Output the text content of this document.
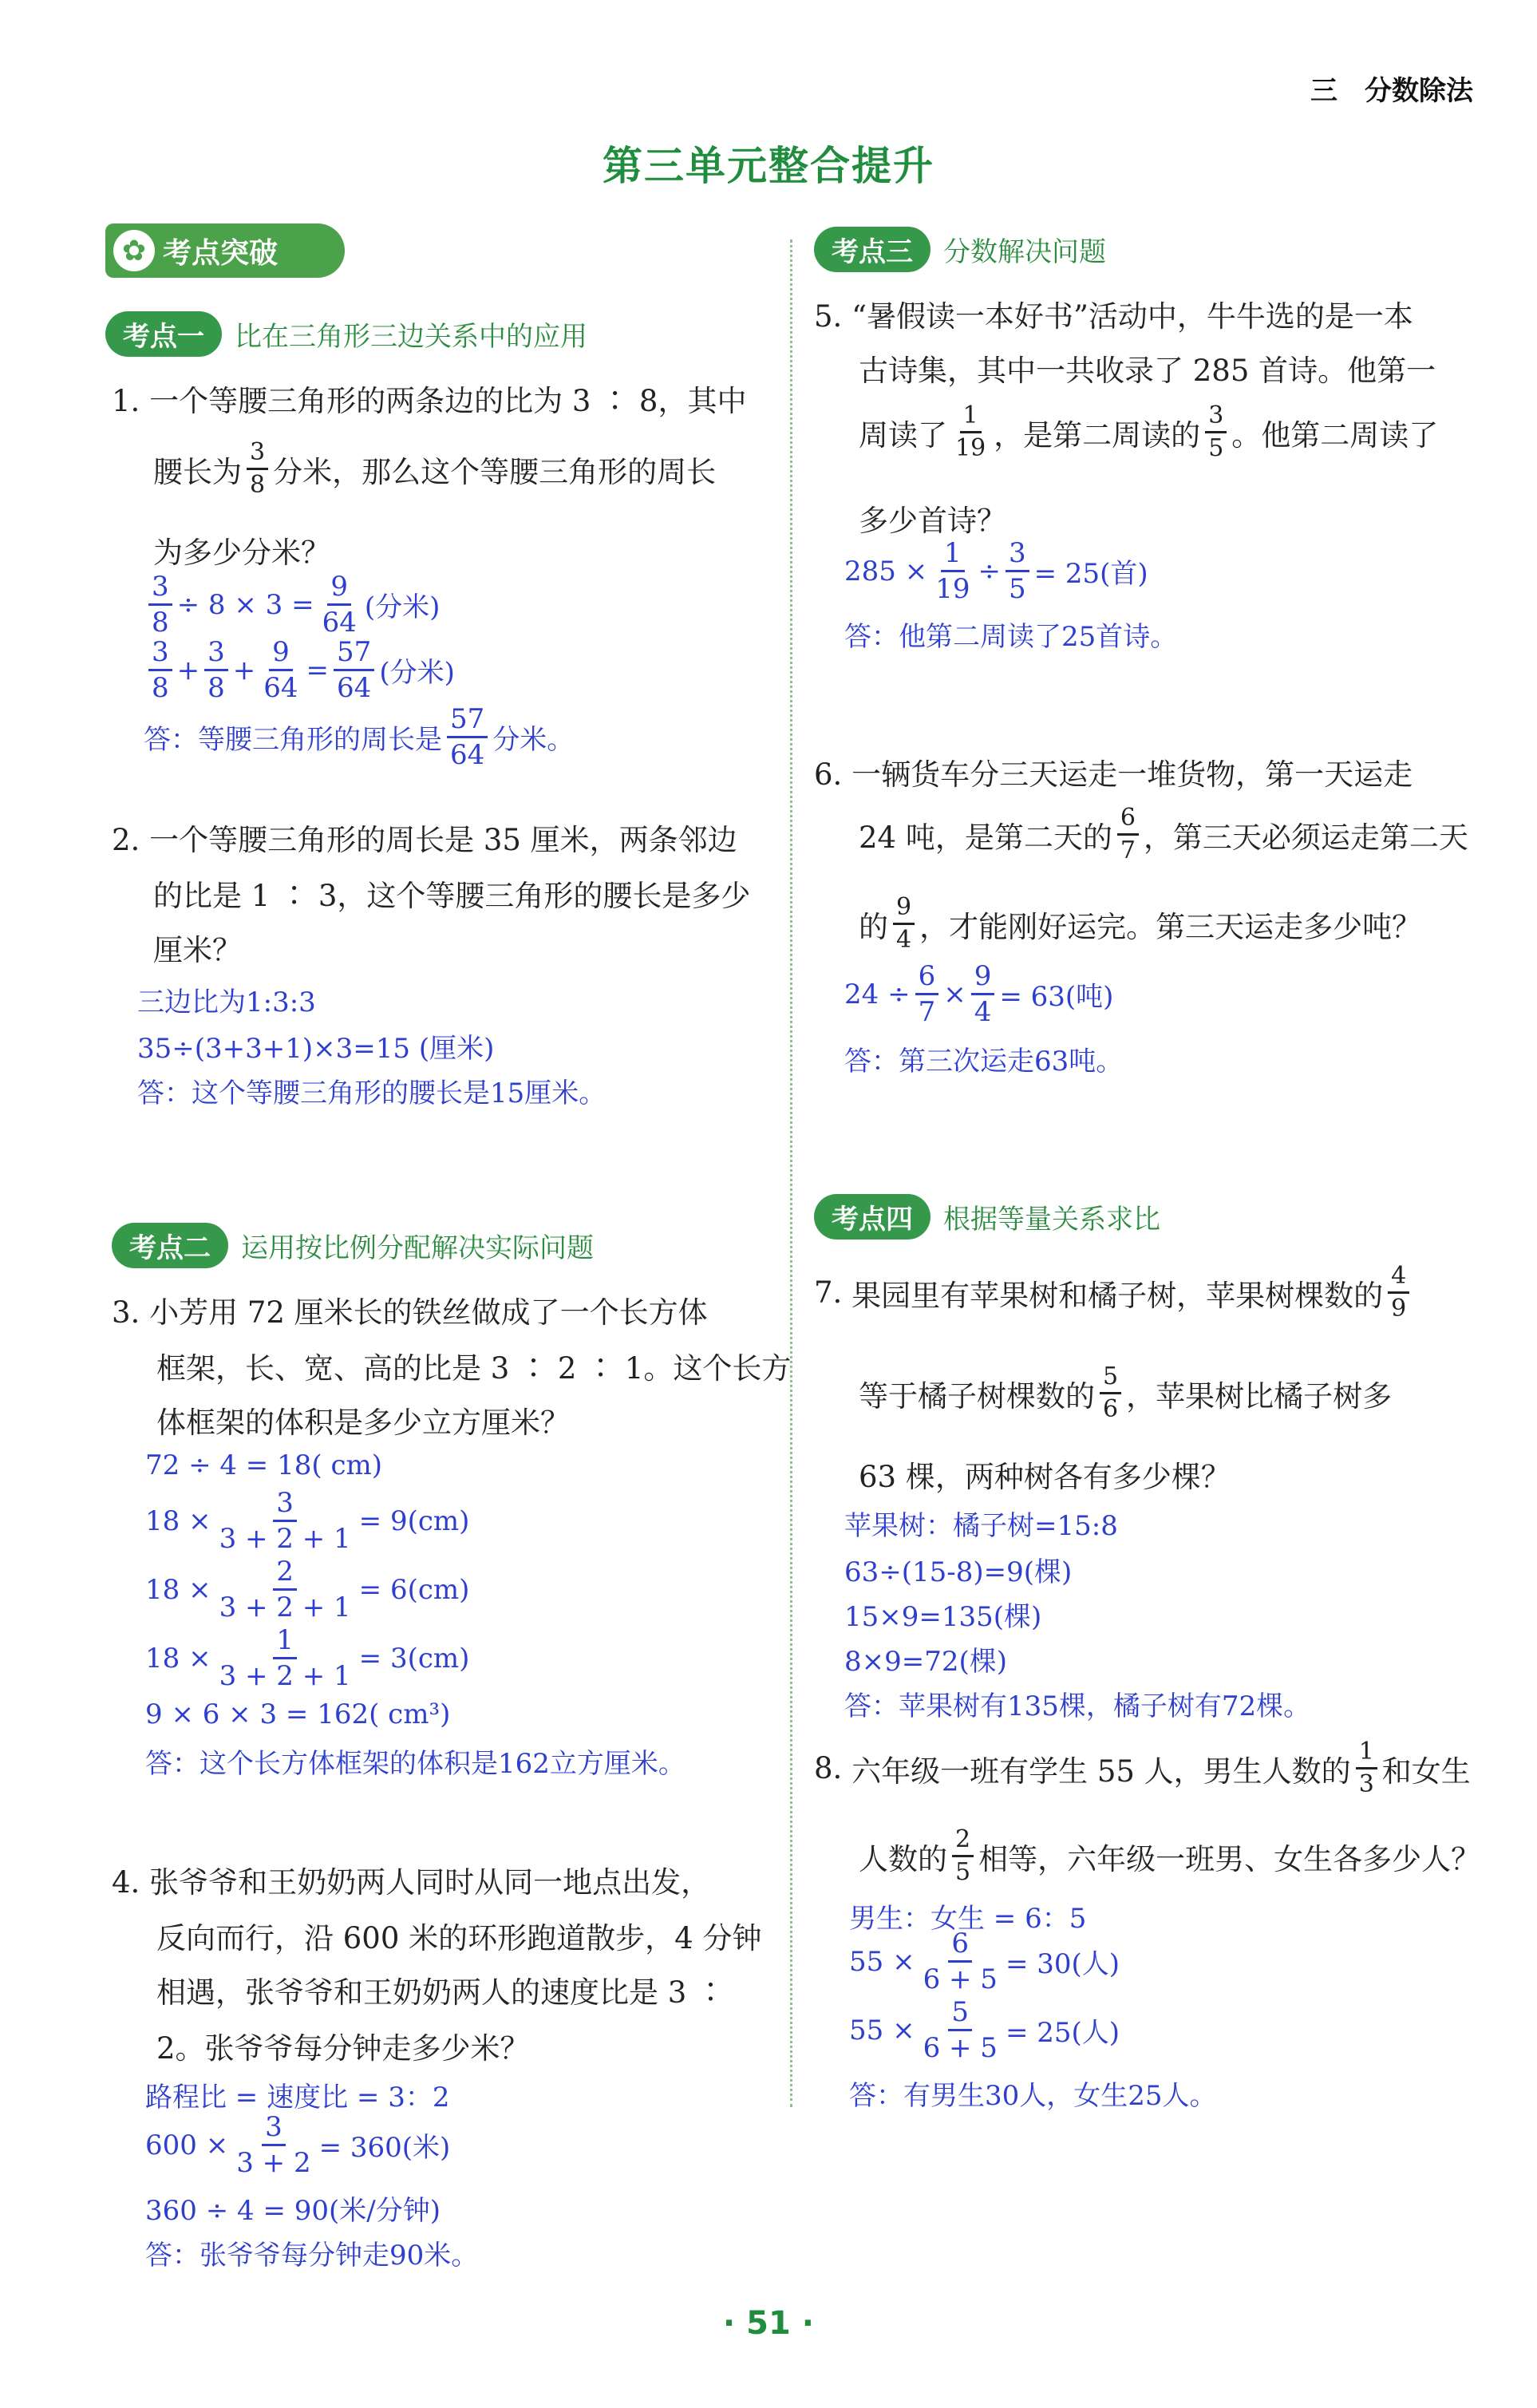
三　分数除法
第三单元整合提升
✿ 考点突破
考点一	比在三角形三边关系中的应用
1. 一个等腰三角形的两条边的比为 3 ∶ 8，其中
腰长为 $\frac{3}{8}$ 分米，那么这个等腰三角形的周长
为多少分米？
$\frac{3}{8} \div 8 \times 3 = \frac{9}{64}$ (分米)
$\frac{3}{8} + \frac{3}{8} + \frac{9}{64} = \frac{57}{64}$ (分米)
答：等腰三角形的周长是 $\frac{57}{64}$ 分米。
2. 一个等腰三角形的周长是 35 厘米，两条邻边
的比是 1 ∶ 3，这个等腰三角形的腰长是多少
厘米？
三边比为1:3:3
35÷(3+3+1)×3=15 (厘米)
答：这个等腰三角形的腰长是15厘米。
考点二	运用按比例分配解决实际问题
3. 小芳用 72 厘米长的铁丝做成了一个长方体
框架，长、宽、高的比是 3 ∶ 2 ∶ 1。这个长方
体框架的体积是多少立方厘米？
72 ÷ 4 = 18( cm)
$18 \times \frac{3}{3 + 2 + 1} = 9(cm)$
$18 \times \frac{2}{3 + 2 + 1} = 6(cm)$
$18 \times \frac{1}{3 + 2 + 1} = 3(cm)$
9 × 6 × 3 = 162( cm³)
答：这个长方体框架的体积是162立方厘米。
4. 张爷爷和王奶奶两人同时从同一地点出发，
反向而行，沿 600 米的环形跑道散步，4 分钟
相遇，张爷爷和王奶奶两人的速度比是 3 ∶
2。张爷爷每分钟走多少米？
路程比 = 速度比 = 3：2
$600 \times \frac{3}{3 + 2} = 360$(米)
360 ÷ 4 = 90(米/分钟)
答：张爷爷每分钟走90米。
考点三	分数解决问题
5. “暑假读一本好书”活动中，牛牛选的是一本
古诗集，其中一共收录了 285 首诗。他第一
周读了 $\frac{1}{19}$ ，是第二周读的 $\frac{3}{5}$ 。他第二周读了
多少首诗？
$285 \times \frac{1}{19} \div \frac{3}{5} = 25$(首)
答：他第二周读了25首诗。
6. 一辆货车分三天运走一堆货物，第一天运走
24 吨，是第二天的 $\frac{6}{7}$ ，第三天必须运走第二天
的 $\frac{9}{4}$ ，才能刚好运完。第三天运走多少吨？
$24 \div \frac{6}{7} \times \frac{9}{4} = 63$(吨)
答：第三次运走63吨。
考点四	根据等量关系求比
7.
果园里有苹果树和橘子树，苹果树棵数的 $\frac{4}{9}$
等于橘子树棵数的 $\frac{5}{6}$ ，苹果树比橘子树多
63 棵，两种树各有多少棵？
苹果树：橘子树=15:8
63÷(15-8)=9(棵)
15×9=135(棵)
8×9=72(棵)
答：苹果树有135棵，橘子树有72棵。
8.
六年级一班有学生 55 人，男生人数的 $\frac{1}{3}$ 和女生
人数的 $\frac{2}{5}$ 相等，六年级一班男、女生各多少人？
男生：女生 = 6：5
$55 \times \frac{6}{6 + 5} = 30$(人)
$55 \times \frac{5}{6 + 5} = 25$(人)
答：有男生30人，女生25人。
· 51 ·
